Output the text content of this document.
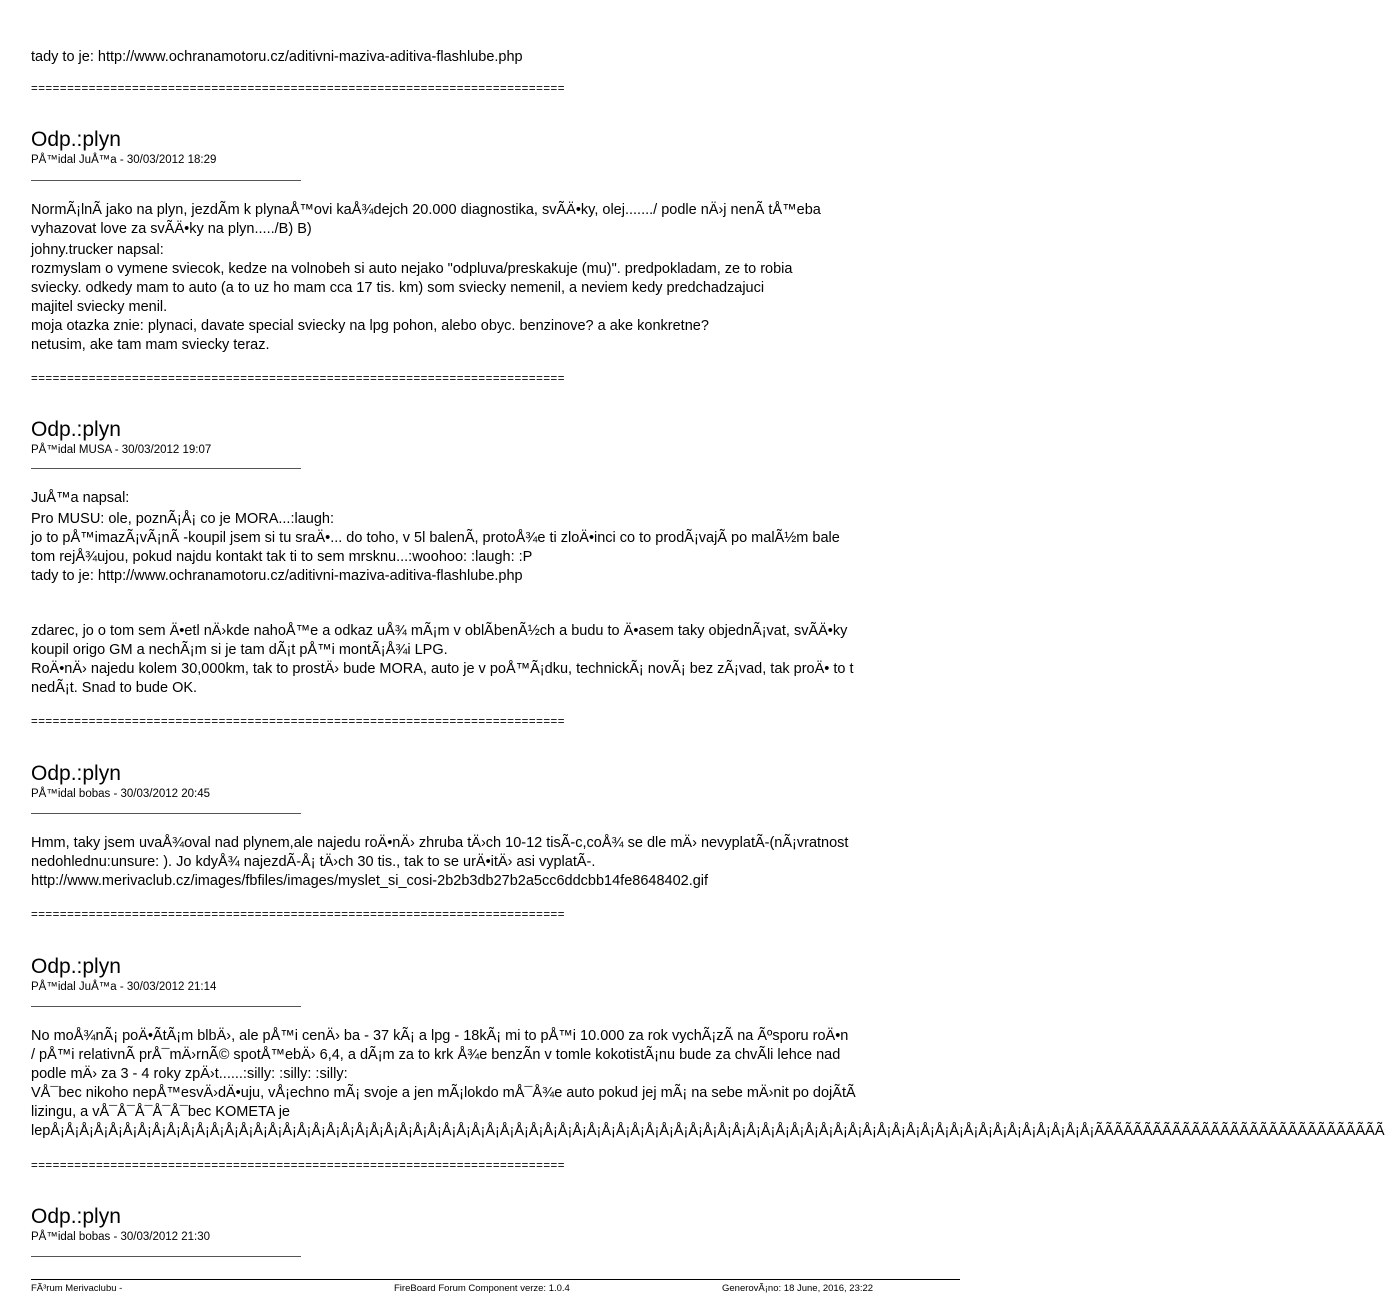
tady to je: http://www.ochranamotoru.cz/aditivni-maziva-aditiva-flashlube.php
==========================================================================
Odp.:plyn
PÅ™idal JuÅ™a - 30/03/2012 18:29
NormÃ¡lnÃ jako na plyn, jezdÃm k plynaÅ™ovi kaÅ¾dejch 20.000 diagnostika, svÃÄ•ky, olej......./ podle nÄ›j nenÃ tÅ™eba
vyhazovat love za svÃÄ•ky na plyn...../B) B)
johny.trucker napsal:
rozmyslam o vymene sviecok, kedze na volnobeh si auto nejako "odpluva/preskakuje (mu)". predpokladam, ze to robia
sviecky. odkedy mam to auto (a to uz ho mam cca 17 tis. km) som sviecky nemenil, a neviem kedy predchadzajuci
majitel sviecky menil.
moja otazka znie: plynaci, davate special sviecky na lpg pohon, alebo obyc. benzinove? a ake konkretne?
netusim, ake tam mam sviecky teraz.
==========================================================================
Odp.:plyn
PÅ™idal MUSA - 30/03/2012 19:07
JuÅ™a napsal:
Pro MUSU: ole, poznÃ¡Å¡ co je MORA...:laugh:
jo to pÅ™imazÃ¡vÃ¡nÃ -koupil jsem si tu sraÄ•... do toho, v 5l balenÃ, protoÅ¾e ti zloÄ•inci co to prodÃ¡vajÃ po malÃ½m bale
tom rejÅ¾ujou, pokud najdu kontakt tak ti to sem mrsknu...:woohoo: :laugh: :P
tady to je: http://www.ochranamotoru.cz/aditivni-maziva-aditiva-flashlube.php
zdarec, jo o tom sem Ä•etl nÄ›kde nahoÅ™e a odkaz uÅ¾ mÃ¡m v oblÃbenÃ½ch a budu to Ä•asem taky objednÃ¡vat, svÃÄ•ky
koupil origo GM a nechÃ¡m si je tam dÃ¡t pÅ™i montÃ¡Å¾i LPG.
RoÄ•nÄ› najedu kolem 30,000km, tak to prostÄ› bude MORA, auto je v poÅ™Ã¡dku, technickÃ¡ novÃ¡ bez zÃ¡vad, tak proÄ• to t
nedÃ¡t. Snad to bude OK.
==========================================================================
Odp.:plyn
PÅ™idal bobas - 30/03/2012 20:45
Hmm, taky jsem uvaÅ¾oval nad plynem,ale najedu roÄ•nÄ› zhruba tÄ›ch 10-12 tisÃ-c,coÅ¾ se dle mÄ› nevyplatÃ-(nÃ¡vratnost
nedohlednu:unsure: ). Jo kdyÅ¾ najezdÃ-Å¡ tÄ›ch 30 tis., tak to se urÄ•itÄ› asi vyplatÃ-.
http://www.merivaclub.cz/images/fbfiles/images/myslet_si_cosi-2b2b3db27b2a5cc6ddcbb14fe8648402.gif
==========================================================================
Odp.:plyn
PÅ™idal JuÅ™a - 30/03/2012 21:14
No moÅ¾nÃ¡ poÄ•ÃtÃ¡m blbÄ›, ale pÅ™i cenÄ› ba - 37 kÃ¡ a lpg - 18kÃ¡ mi to pÅ™i 10.000 za rok vychÃ¡zÃ na Ãºsporu roÄ•n
/ pÅ™i relativnÃ prÅ¯mÄ›rnÃ© spotÅ™ebÄ› 6,4, a dÃ¡m za to krk Å¾e benzÃn v tomle kokotistÃ¡nu bude za chvÃli lehce nad
podle mÄ› za 3 - 4 roky zpÄ›t......:silly: :silly: :silly:
VÅ¯bec nikoho nepÅ™esvÄ›dÄ•uju, vÅ¡echno mÃ¡ svoje a jen mÃ¡lokdo mÅ¯Å¾e auto pokud jej mÃ¡ na sebe mÄ›nit po dojÃtÃ
lizingu, a vÅ¯Å¯Å¯Å¯Å¯bec KOMETA je
lepÅ¡Å¡Å¡Å¡Å¡Å¡Å¡Å¡Å¡Å¡Å¡Å¡Å¡Å¡Å¡Å¡Å¡Å¡Å¡Å¡Å¡Å¡Å¡Å¡Å¡Å¡Å¡Å¡Å¡Å¡Å¡Å¡Å¡Å¡Å¡Å¡Å¡Å¡Å¡Å¡Å¡Å¡Å¡Å¡Å¡Å¡Å¡Å¡Å¡Å¡Å¡Å¡Å¡Å¡Å¡Å¡Å¡Å¡Å¡Å¡Å¡Å¡Å¡Å¡Å¡Å¡Å¡Å¡Å¡Å¡Å¡Å¡ÃÃÃÃÃÃÃÃÃÃÃÃÃÃÃÃÃÃÃÃÃÃÃÃÃÃÃÃÃÃ
==========================================================================
Odp.:plyn
PÅ™idal bobas - 30/03/2012 21:30
FÃ³rum Merivaclubu -	FireBoard Forum Component verze: 1.0.4	GenerovÃ¡no: 18 June, 2016, 23:22
